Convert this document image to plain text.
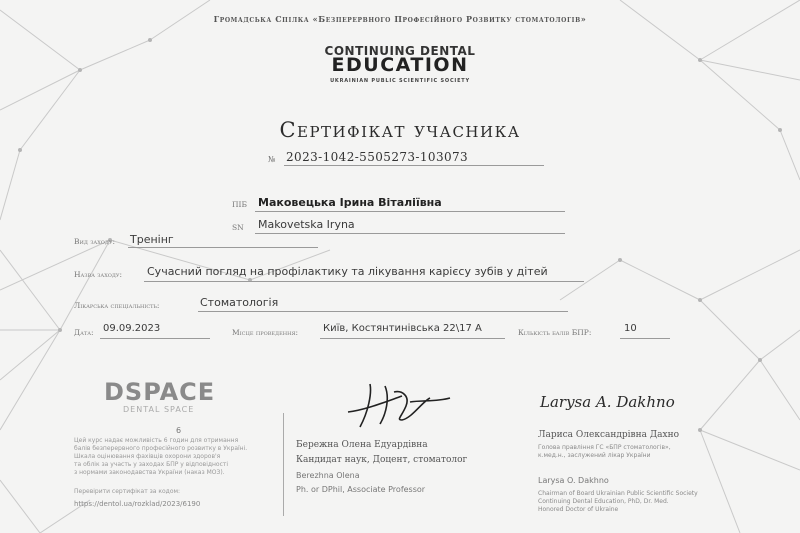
Громадська Спілка «Безперервного Професійного Розвитку стоматологів»
CONTINUING DENTAL
EDUCATION
UKRAINIAN PUBLIC SCIENTIFIC SOCIETY
Сертифікат учасника
№ 2023-1042-5505273-103073
ПІБ Маковецька Ірина Віталіївна
SN Makovetska Iryna
Вид заходу: Тренінг
Назва заходу: Сучасний погляд на профілактику та лікування карієсу зубів у дітей
Лікарська спеціальність:	Стоматологія
Дата: 09.09.2023	Місце проведення: Київ, Костянтинівська 22\17 А	Кількість балів БПР:	10
DSPACE
DENTAL SPACE
Цей курс надає можливість 6 годин для отримання
балів безперервного професійного розвитку в Україні.
Шкала оцінювання фахівців охорони здоров'я
та облік за участь у заходах БПР у відповідності
з нормами законодавства України (наказ МОЗ).
6
Перевірити сертифікат за кодом:
https://dentol.ua/rozklad/2023/6190
Бережна Олена Едуардівна
Кандидат наук, Доцент, стоматолог
Berezhna Olena
Ph. or DPhil, Associate Professor
Larysa A. Dakhno
Лариса Олександрівна Дахно
Голова правління ГС «БПР стоматологів»,
к.мед.н., заслужений лікар України
Larysa O. Dakhno
Chairman of Board Ukrainian Public Scientific Society
Continuing Dental Education, PhD, Dr. Med.
Honored Doctor of Ukraine
